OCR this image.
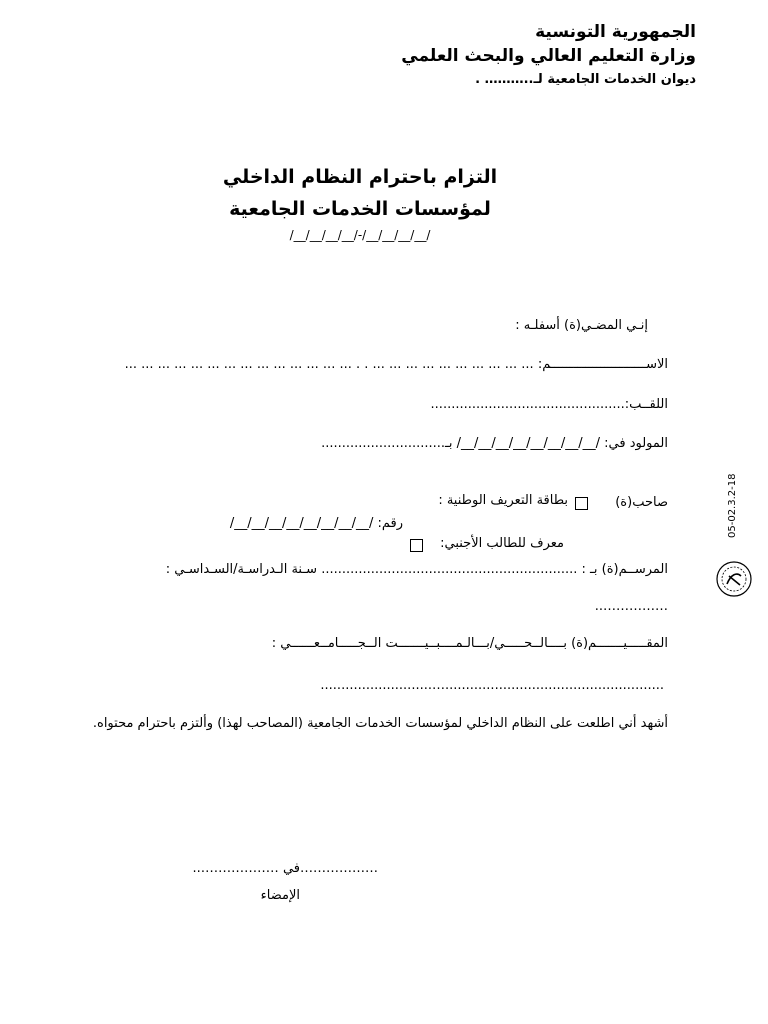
الجمهورية التونسية
وزارة التعليم العالي والبحث العلمي
ديوان الخدمات الجامعية لـ..……… .
التزام باحترام النظام الداخلي
لمؤسسات الخدمات الجامعية
/__/__/__/__/-/__/__/__/__/
إنـي المضـي(ة) أسفلـه :
الاســـــــــــــــــــــــــم: ... ... ... ... ... ... ... ... ... ... . . ... ... ... ... ... ... ... ... ... ... ... ... ... ...
اللقــب:...............................................
المولود في: /__/__/__/__/__/__/__/__/ بـ..............................
صاحب(ة)
بطاقة التعريف الوطنية :
رقم: /__/__/__/__/__/__/__/__/
معرف للطالب الأجنبي:
المرســم(ة) بـ : .............................................................. سـنة الـدراسـة/السـداسـي :
……………..
المقـــــيـــــــم(ة) بــــالــحـــــي/بـــالـمــــبــيـــــــت الــجـــــامــعــــــي :
.....................................................…...........................
أشهد أني اطلعت على النظام الداخلي لمؤسسات الخدمات الجامعية (المصاحب لهذا) وألتزم باحترام محتواه.
………………في ………………..
الإمضاء
05-02.3.2-18
